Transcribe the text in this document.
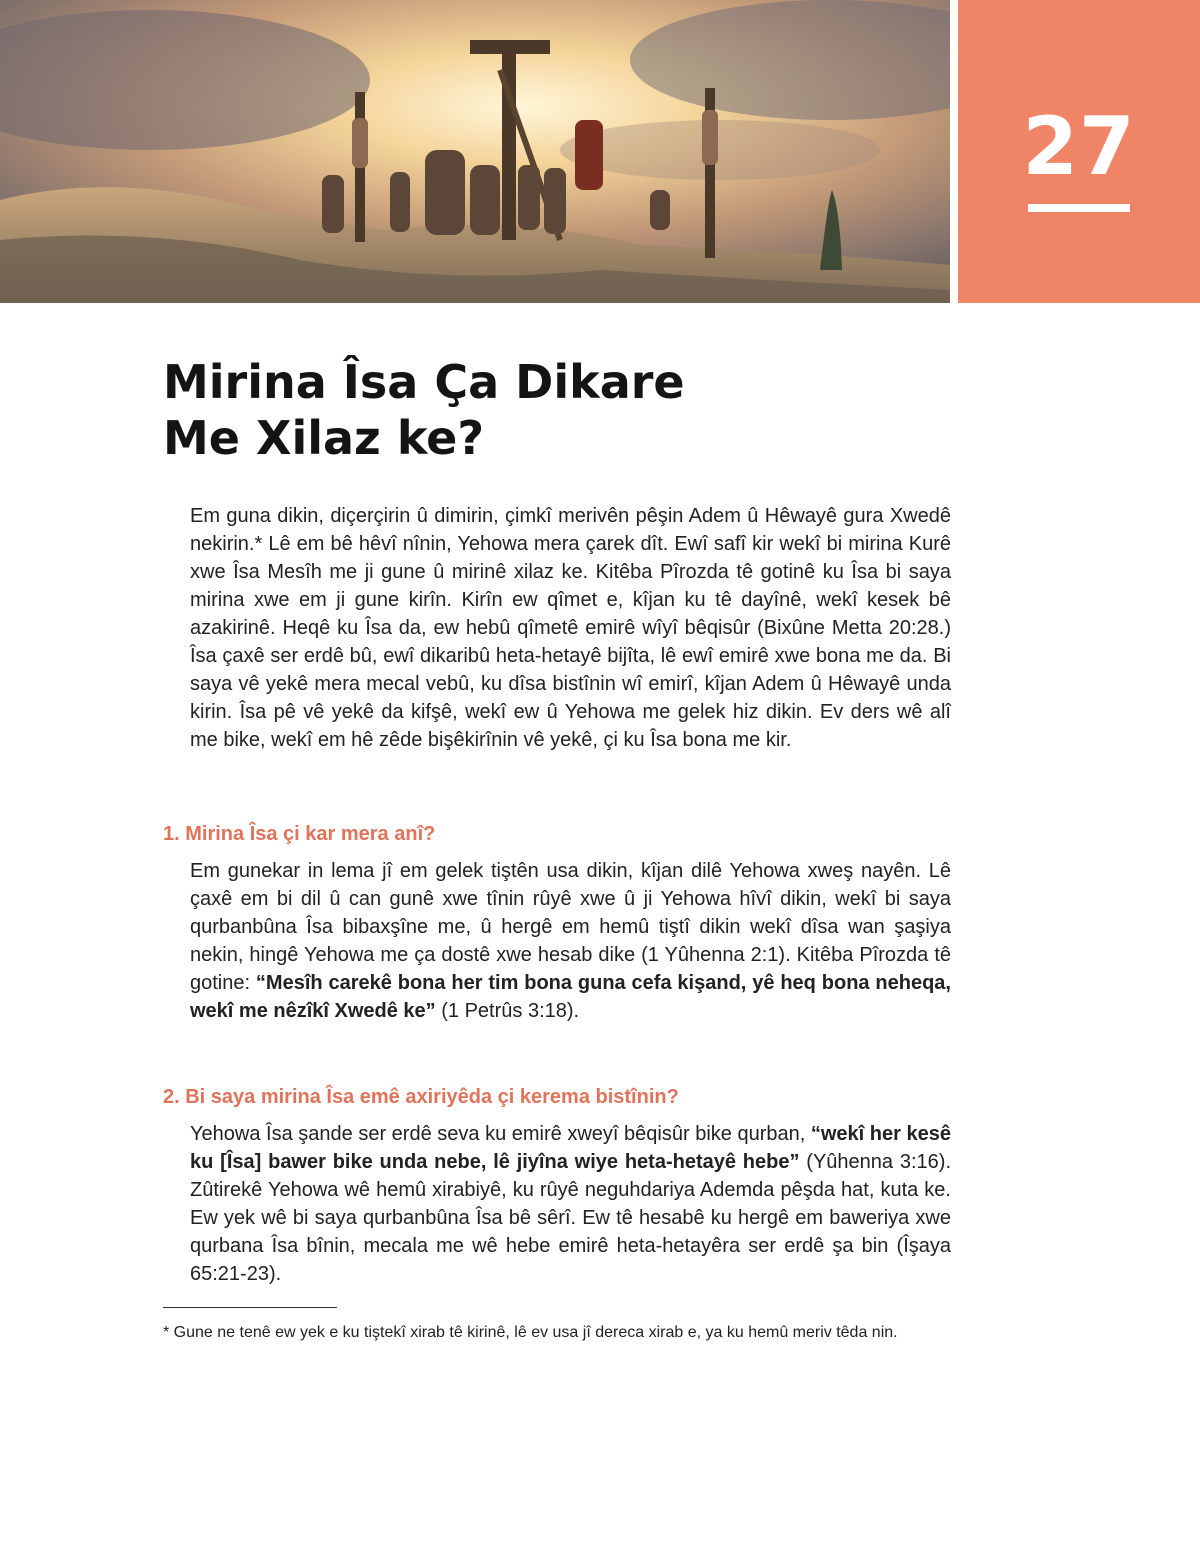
27
Mirina Îsa Ça Dikare
Me Xilaz ke?
Em guna dikin, diçerçirin û dimirin, çimkî merivên pêşin Adem û Hêwayê gura Xwedê nekirin.* Lê em bê hêvî nînin, Yehowa mera çarek dît. Ewî safî kir wekî bi mirina Kurê xwe Îsa Mesîh me ji gune û mirinê xilaz ke. Kitêba Pîrozda tê gotinê ku Îsa bi saya mirina xwe em ji gune kirîn. Kirîn ew qîmet e, kîjan ku tê dayînê, wekî kesek bê azakirinê. Heqê ku Îsa da, ew hebû qîmetê emirê wîyî bêqisûr (Bixûne Metta 20:28.) Îsa çaxê ser erdê bû, ewî dikaribû heta-hetayê bijîta, lê ewî emirê xwe bona me da. Bi saya vê yekê mera mecal vebû, ku dîsa bistînin wî emirî, kîjan Adem û Hêwayê unda kirin. Îsa pê vê yekê da kifşê, wekî ew û Yehowa me gelek hiz dikin. Ev ders wê alî me bike, wekî em hê zêde bişêkirînin vê yekê, çi ku Îsa bona me kir.
1. Mirina Îsa çi kar mera anî?
Em gunekar in lema jî em gelek tiştên usa dikin, kîjan dilê Yehowa xweş nayên. Lê çaxê em bi dil û can gunê xwe tînin rûyê xwe û ji Yehowa hîvî dikin, wekî bi saya qurbanbûna Îsa bibaxşîne me, û hergê em hemû tiştî dikin wekî dîsa wan şaşiya nekin, hingê Yehowa me ça dostê xwe hesab dike (1 Yûhenna 2:1). Kitêba Pîrozda tê gotine: “Mesîh carekê bona her tim bona guna cefa kişand, yê heq bona neheqa, wekî me nêzîkî Xwedê ke” (1 Petrûs 3:18).
2. Bi saya mirina Îsa emê axiriyêda çi kerema bistînin?
Yehowa Îsa şande ser erdê seva ku emirê xweyî bêqisûr bike qurban, “wekî her kesê ku [Îsa] bawer bike unda nebe, lê jiyîna wiye heta-hetayê hebe” (Yûhenna 3:16). Zûtirekê Yehowa wê hemû xirabiyê, ku rûyê neguhdariya Ademda pêşda hat, kuta ke. Ew yek wê bi saya qurbanbûna Îsa bê sêrî. Ew tê hesabê ku hergê em baweriya xwe qurbana Îsa bînin, mecala me wê hebe emirê heta-hetayêra ser erdê şa bin (Îşaya 65:21-23).
* Gune ne tenê ew yek e ku tiştekî xirab tê kirinê, lê ev usa jî dereca xirab e, ya ku hemû meriv têda nin.
